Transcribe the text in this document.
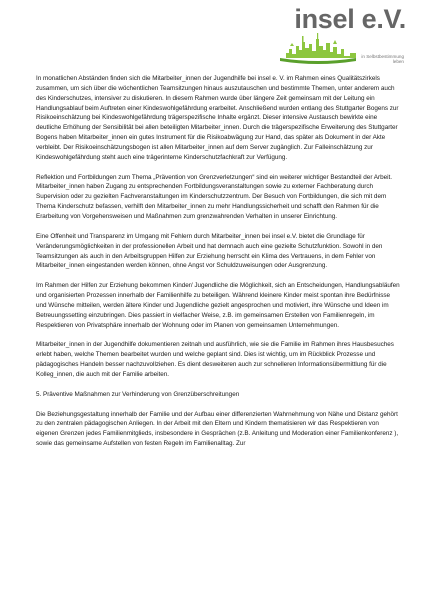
insel e.V.
in Selbstbestimmung
leben

In monatlichen Abständen finden sich die Mitarbeiter_innen der Jugendhilfe bei insel e. V. im Rahmen eines Qualitätszirkels zusammen, um sich über die wöchentlichen Teamsitzungen hinaus auszutauschen und bestimmte Themen, unter anderem auch des Kinderschutzes, intensiver zu diskutieren. In diesem Rahmen wurde über längere Zeit gemeinsam mit der Leitung ein Handlungsablauf beim Auftreten einer Kindeswohlgefährdung erarbeitet. Anschließend wurden entlang des Stuttgarter Bogens zur Risikoeinschätzung bei Kindeswohlgefährdung trägerspezifische Inhalte ergänzt. Dieser intensive Austausch bewirkte eine deutliche Erhöhung der Sensibilität bei allen beteiligten Mitarbeiter_innen. Durch die trägerspezifische Erweiterung des Stuttgarter Bogens haben Mitarbeiter_innen ein gutes Instrument für die Risikoabwägung zur Hand, das später als Dokument in der Akte verbleibt. Der Risikoeinschätzungsbogen ist allen Mitarbeiter_innen auf dem Server zugänglich. Zur Falleinschätzung zur Kindeswohlgefährdung steht auch eine trägerinterne Kinderschutzfachkraft zur Verfügung.

Reflektion und Fortbildungen zum Thema „Prävention von Grenzverletzungen“ sind ein weiterer wichtiger Bestandteil der Arbeit. Mitarbeiter_innen haben Zugang zu entsprechenden Fortbildungsveranstaltungen sowie zu externer Fachberatung durch Supervision oder zu gezielten Fachveranstaltungen im Kinderschutzzentrum. Der Besuch von Fortbildungen, die sich mit dem Thema Kinderschutz befassen, verhilft den Mitarbeiter_innen zu mehr Handlungssicherheit und schafft den Rahmen für die Erarbeitung von Vorgehensweisen und Maßnahmen zum grenzwahrenden Verhalten in unserer Einrichtung.

Eine Offenheit und Transparenz im Umgang mit Fehlern durch Mitarbeiter_innen bei insel e.V. bietet die Grundlage für Veränderungsmöglichkeiten in der professionellen Arbeit und hat demnach auch eine gezielte Schutzfunktion. Sowohl in den Teamsitzungen als auch in den Arbeitsgruppen Hilfen zur Erziehung herrscht ein Klima des Vertrauens, in dem Fehler von Mitarbeiter_innen eingestanden werden können, ohne Angst vor Schuldzuweisungen oder Ausgrenzung.

Im Rahmen der Hilfen zur Erziehung bekommen Kinder/ Jugendliche die Möglichkeit, sich an Entscheidungen, Handlungsabläufen und organisierten Prozessen innerhalb der Familienhilfe zu beteiligen. Während kleinere Kinder meist spontan ihre Bedürfnisse und Wünsche mitteilen, werden ältere Kinder und Jugendliche gezielt angesprochen und motiviert, ihre Wünsche und Ideen im Betreuungssetting einzubringen. Dies passiert in vielfacher Weise, z.B. im gemeinsamen Erstellen von Familienregeln, im Respektieren von Privatsphäre innerhalb der Wohnung oder im Planen von gemeinsamen Unternehmungen.

Mitarbeiter_innen in der Jugendhilfe dokumentieren zeitnah und ausführlich, wie sie die Familie im Rahmen ihres Hausbesuches erlebt haben, welche Themen bearbeitet wurden und welche geplant sind. Dies ist wichtig, um im Rückblick Prozesse und pädagogisches Handeln besser nachzuvollziehen. Es dient desweiteren auch zur schnelleren Informationsübermittlung für die Kolleg_innen, die auch mit der Familie arbeiten.

5. Präventive Maßnahmen zur Verhinderung von Grenzüberschreitungen

Die Beziehungsgestaltung innerhalb der Familie und der Aufbau einer differenzierten Wahrnehmung von Nähe und Distanz gehört zu den zentralen pädagogischen Anliegen. In der Arbeit mit den Eltern und Kindern thematisieren wir das Respektieren von eigenen Grenzen jedes Familienmitglieds, insbesondere in Gesprächen (z.B. Anleitung und Moderation einer Familienkonferenz ), sowie das gemeinsame Aufstellen von festen Regeln im Familienalltag. Zur
